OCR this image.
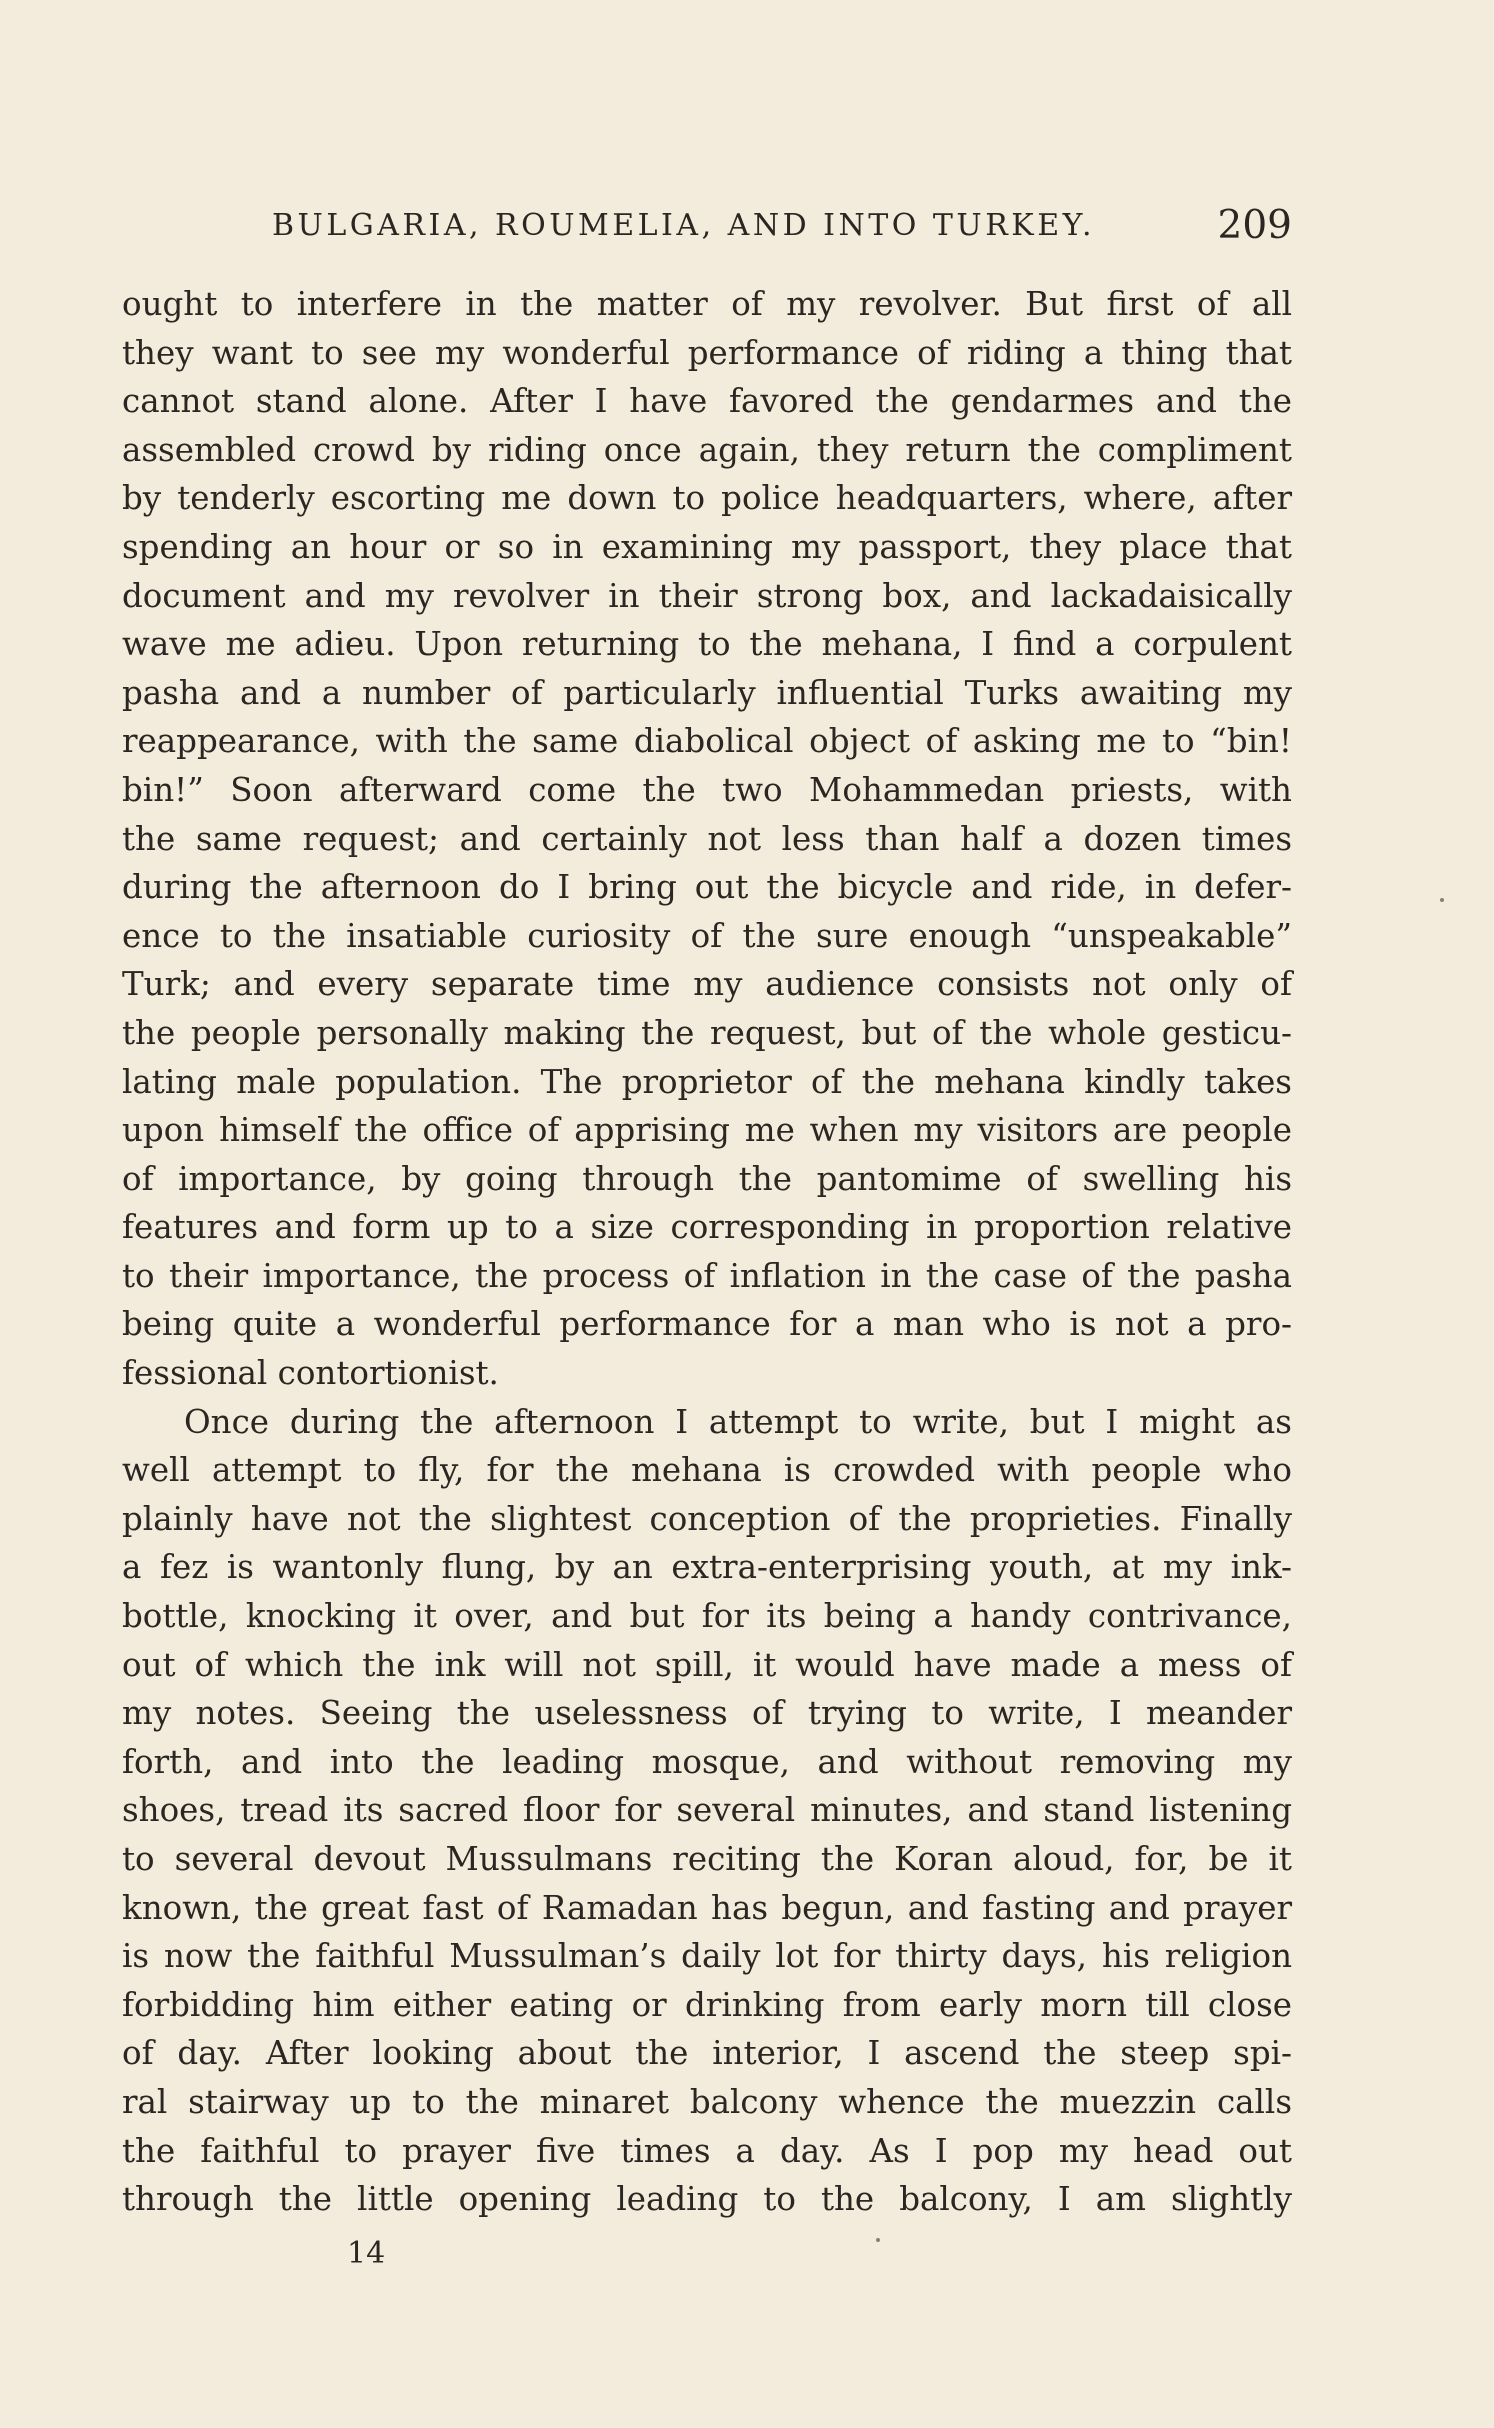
BULGARIA, ROUMELIA, AND INTO TURKEY.	209
ought to interfere in the matter of my revolver. But first of all
they want to see my wonderful performance of riding a thing that
cannot stand alone. After I have favored the gendarmes and the
assembled crowd by riding once again, they return the compliment
by tenderly escorting me down to police headquarters, where, after
spending an hour or so in examining my passport, they place that
document and my revolver in their strong box, and lackadaisically
wave me adieu. Upon returning to the mehana, I find a corpulent
pasha and a number of particularly influential Turks awaiting my
reappearance, with the same diabolical object of asking me to “bin!
bin!” Soon afterward come the two Mohammedan priests, with
the same request; and certainly not less than half a dozen times
during the afternoon do I bring out the bicycle and ride, in defer-
ence to the insatiable curiosity of the sure enough “unspeakable”
Turk; and every separate time my audience consists not only of
the people personally making the request, but of the whole gesticu-
lating male population. The proprietor of the mehana kindly takes
upon himself the office of apprising me when my visitors are people
of importance, by going through the pantomime of swelling his
features and form up to a size corresponding in proportion relative
to their importance, the process of inflation in the case of the pasha
being quite a wonderful performance for a man who is not a pro-
fessional contortionist.
Once during the afternoon I attempt to write, but I might as
well attempt to fly, for the mehana is crowded with people who
plainly have not the slightest conception of the proprieties. Finally
a fez is wantonly flung, by an extra-enterprising youth, at my ink-
bottle, knocking it over, and but for its being a handy contrivance,
out of which the ink will not spill, it would have made a mess of
my notes. Seeing the uselessness of trying to write, I meander
forth, and into the leading mosque, and without removing my
shoes, tread its sacred floor for several minutes, and stand listening
to several devout Mussulmans reciting the Koran aloud, for, be it
known, the great fast of Ramadan has begun, and fasting and prayer
is now the faithful Mussulman’s daily lot for thirty days, his religion
forbidding him either eating or drinking from early morn till close
of day. After looking about the interior, I ascend the steep spi-
ral stairway up to the minaret balcony whence the muezzin calls
the faithful to prayer five times a day. As I pop my head out
through the little opening leading to the balcony, I am slightly
14
